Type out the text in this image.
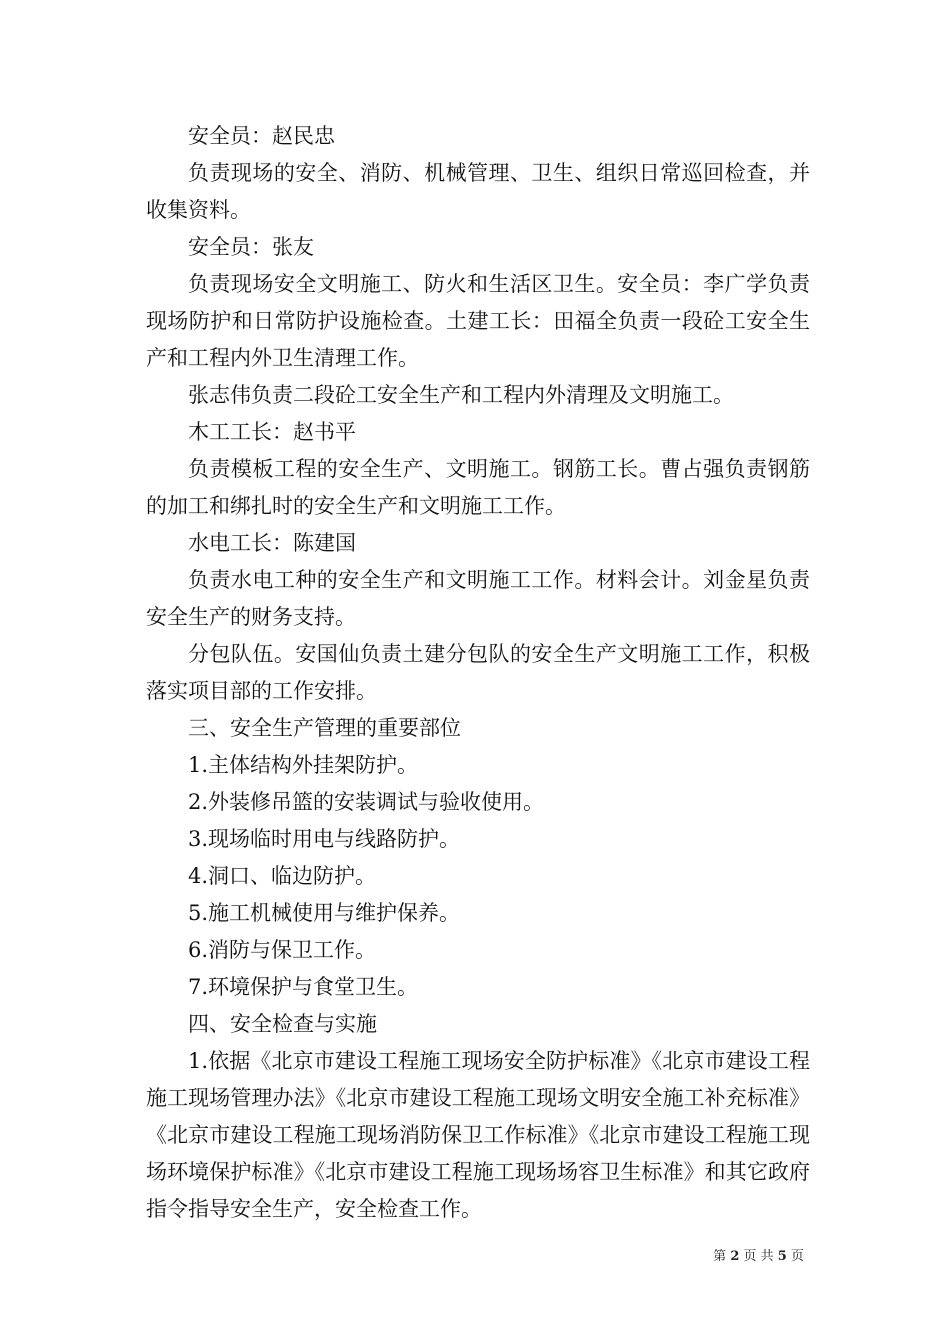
安全员：赵民忠

负责现场的安全、消防、机械管理、卫生、组织日常巡回检查，并收集资料。

安全员：张友

负责现场安全文明施工、防火和生活区卫生。安全员：李广学负责现场防护和日常防护设施检查。土建工长：田福全负责一段砼工安全生产和工程内外卫生清理工作。

张志伟负责二段砼工安全生产和工程内外清理及文明施工。

木工工长：赵书平

负责模板工程的安全生产、文明施工。钢筋工长。曹占强负责钢筋的加工和绑扎时的安全生产和文明施工工作。

水电工长：陈建国

负责水电工种的安全生产和文明施工工作。材料会计。刘金星负责安全生产的财务支持。

分包队伍。安国仙负责土建分包队的安全生产文明施工工作，积极落实项目部的工作安排。

三、安全生产管理的重要部位

1.主体结构外挂架防护。

2.外装修吊篮的安装调试与验收使用。

3.现场临时用电与线路防护。

4.洞口、临边防护。

5.施工机械使用与维护保养。

6.消防与保卫工作。

7.环境保护与食堂卫生。

四、安全检查与实施

1.依据《北京市建设工程施工现场安全防护标准》《北京市建设工程施工现场管理办法》《北京市建设工程施工现场文明安全施工补充标准》《北京市建设工程施工现场消防保卫工作标准》《北京市建设工程施工现场环境保护标准》《北京市建设工程施工现场场容卫生标准》和其它政府指令指导安全生产，安全检查工作。

第 2 页 共 5 页
